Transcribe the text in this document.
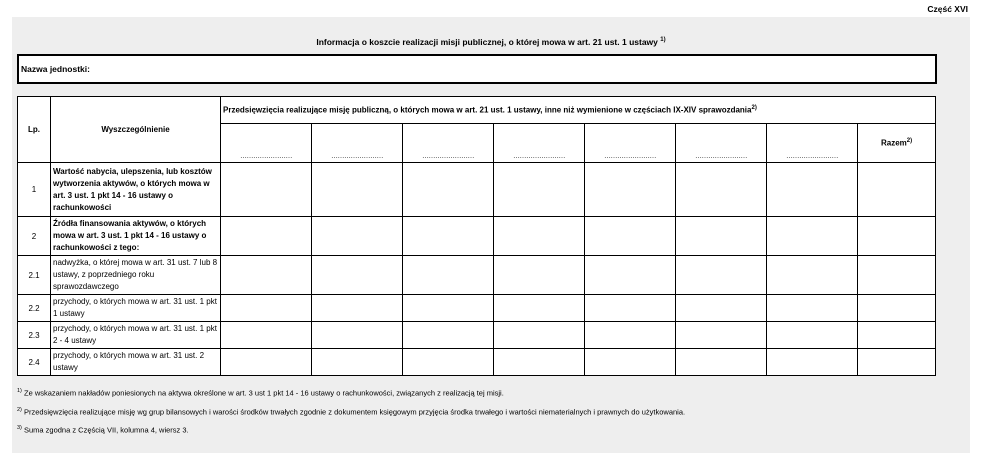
Część XVI
Informacja o koszcie realizacji misji publicznej, o której mowa w art. 21 ust. 1 ustawy $^{1)}$
Nazwa jednostki:
Lp.	Wyszczególnienie	Przedsięwzięcia realizujące misję publiczną, o których mowa w art. 21 ust. 1 ustawy, inne niż wymienione w częściach IX-XIV sprawozdania$^{2)}$
		……………………	……………………	……………………	……………………	……………………	……………………	……………………	Razem$^{2)}$
1	Wartość nabycia, ulepszenia, lub kosztów wytworzenia aktywów, o których mowa w art. 3 ust. 1 pkt 14 - 16 ustawy o rachunkowości								
2	Źródła finansowania aktywów, o których mowa w art. 3 ust. 1 pkt 14 - 16 ustawy o rachunkowości z tego:								
2.1	nadwyżka, o której mowa w art. 31 ust. 7 lub 8 ustawy, z poprzedniego roku sprawozdawczego								
2.2	przychody, o których mowa w art. 31 ust. 1 pkt 1 ustawy								
2.3	przychody, o których mowa w art. 31 ust. 1 pkt 2 - 4 ustawy								
2.4	przychody, o których mowa w art. 31 ust. 2 ustawy								
$^{1)}$ Ze wskazaniem nakładów poniesionych na aktywa określone w art. 3 ust 1 pkt 14 - 16 ustawy o rachunkowości, związanych z realizacją tej misji.
$^{2)}$ Przedsięwzięcia realizujące misję wg grup bilansowych i warości środków trwałych zgodnie z dokumentem księgowym przyjęcia środka trwałego i wartości niematerialnych i prawnych do użytkowania.
$^{3)}$ Suma zgodna z Częścią VII, kolumna 4, wiersz 3.
